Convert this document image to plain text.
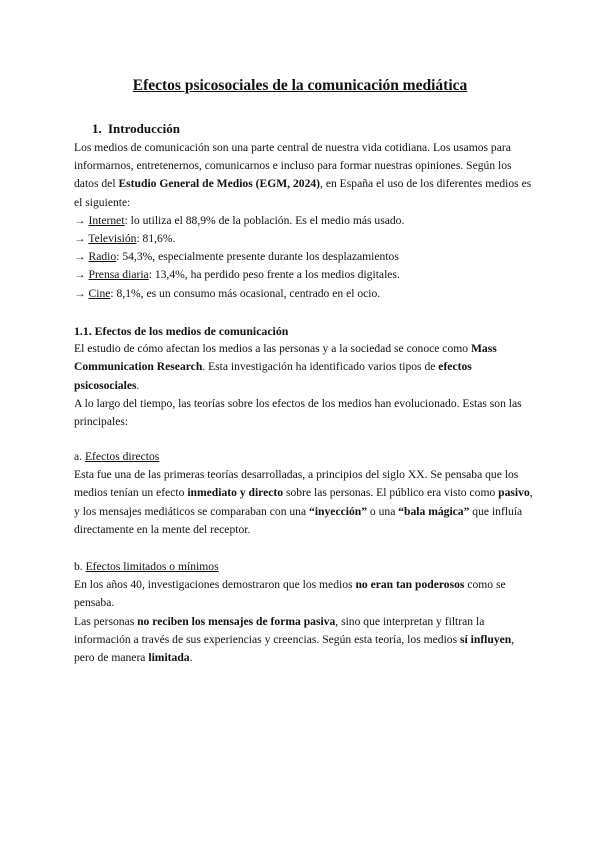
Efectos psicosociales de la comunicación mediática
1. Introducción

Los medios de comunicación son una parte central de nuestra vida cotidiana. Los usamos para informarnos, entretenernos, comunicarnos e incluso para formar nuestras opiniones. Según los datos del Estudio General de Medios (EGM, 2024), en España el uso de los diferentes medios es el siguiente:

→ Internet: lo utiliza el 88,9% de la población. Es el medio más usado.

→ Televisión: 81,6%.

→ Radio: 54,3%, especialmente presente durante los desplazamientos

→ Prensa diaria: 13,4%, ha perdido peso frente a los medios digitales.

→ Cine: 8,1%, es un consumo más ocasional, centrado en el ocio.

1.1. Efectos de los medios de comunicación

El estudio de cómo afectan los medios a las personas y a la sociedad se conoce como Mass Communication Research. Esta investigación ha identificado varios tipos de efectos psicosociales.

A lo largo del tiempo, las teorías sobre los efectos de los medios han evolucionado. Estas son las principales:

a. Efectos directos

Esta fue una de las primeras teorías desarrolladas, a principios del siglo XX. Se pensaba que los medios tenían un efecto inmediato y directo sobre las personas. El público era visto como pasivo, y los mensajes mediáticos se comparaban con una “inyección” o una “bala mágica” que influía directamente en la mente del receptor.

b. Efectos limitados o mínimos

En los años 40, investigaciones demostraron que los medios no eran tan poderosos como se pensaba.

Las personas no reciben los mensajes de forma pasiva, sino que interpretan y filtran la información a través de sus experiencias y creencias. Según esta teoría, los medios sí influyen, pero de manera limitada.
